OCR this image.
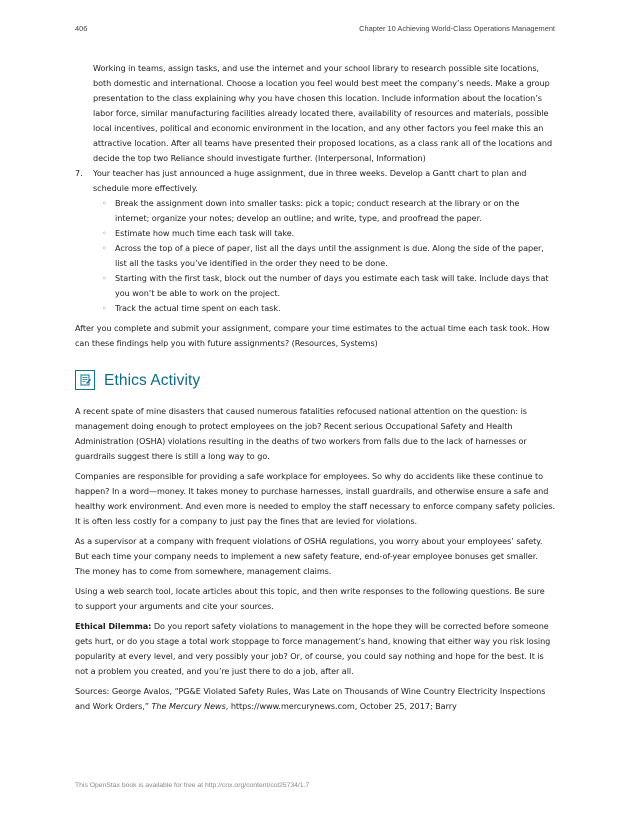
406	Chapter 10 Achieving World-Class Operations Management

Working in teams, assign tasks, and use the internet and your school library to research possible site locations, both domestic and international. Choose a location you feel would best meet the company’s needs. Make a group presentation to the class explaining why you have chosen this location. Include information about the location’s labor force, similar manufacturing facilities already located there, availability of resources and materials, possible local incentives, political and economic environment in the location, and any other factors you feel make this an attractive location. After all teams have presented their proposed locations, as a class rank all of the locations and decide the top two Reliance should investigate further. (Interpersonal, Information)

7. Your teacher has just announced a huge assignment, due in three weeks. Develop a Gantt chart to plan and schedule more effectively.
◦ Break the assignment down into smaller tasks: pick a topic; conduct research at the library or on the internet; organize your notes; develop an outline; and write, type, and proofread the paper.
◦ Estimate how much time each task will take.
◦ Across the top of a piece of paper, list all the days until the assignment is due. Along the side of the paper, list all the tasks you’ve identified in the order they need to be done.
◦ Starting with the first task, block out the number of days you estimate each task will take. Include days that you won’t be able to work on the project.
◦ Track the actual time spent on each task.

After you complete and submit your assignment, compare your time estimates to the actual time each task took. How can these findings help you with future assignments? (Resources, Systems)

Ethics Activity

A recent spate of mine disasters that caused numerous fatalities refocused national attention on the question: is management doing enough to protect employees on the job? Recent serious Occupational Safety and Health Administration (OSHA) violations resulting in the deaths of two workers from falls due to the lack of harnesses or guardrails suggest there is still a long way to go.

Companies are responsible for providing a safe workplace for employees. So why do accidents like these continue to happen? In a word—money. It takes money to purchase harnesses, install guardrails, and otherwise ensure a safe and healthy work environment. And even more is needed to employ the staff necessary to enforce company safety policies. It is often less costly for a company to just pay the fines that are levied for violations.

As a supervisor at a company with frequent violations of OSHA regulations, you worry about your employees’ safety. But each time your company needs to implement a new safety feature, end-of-year employee bonuses get smaller. The money has to come from somewhere, management claims.

Using a web search tool, locate articles about this topic, and then write responses to the following questions. Be sure to support your arguments and cite your sources.

Ethical Dilemma: Do you report safety violations to management in the hope they will be corrected before someone gets hurt, or do you stage a total work stoppage to force management’s hand, knowing that either way you risk losing popularity at every level, and very possibly your job? Or, of course, you could say nothing and hope for the best. It is not a problem you created, and you’re just there to do a job, after all.

Sources: George Avalos, “PG&E Violated Safety Rules, Was Late on Thousands of Wine Country Electricity Inspections and Work Orders,” The Mercury News, https://www.mercurynews.com, October 25, 2017; Barry

This OpenStax book is available for free at http://cnx.org/content/col25734/1.7
